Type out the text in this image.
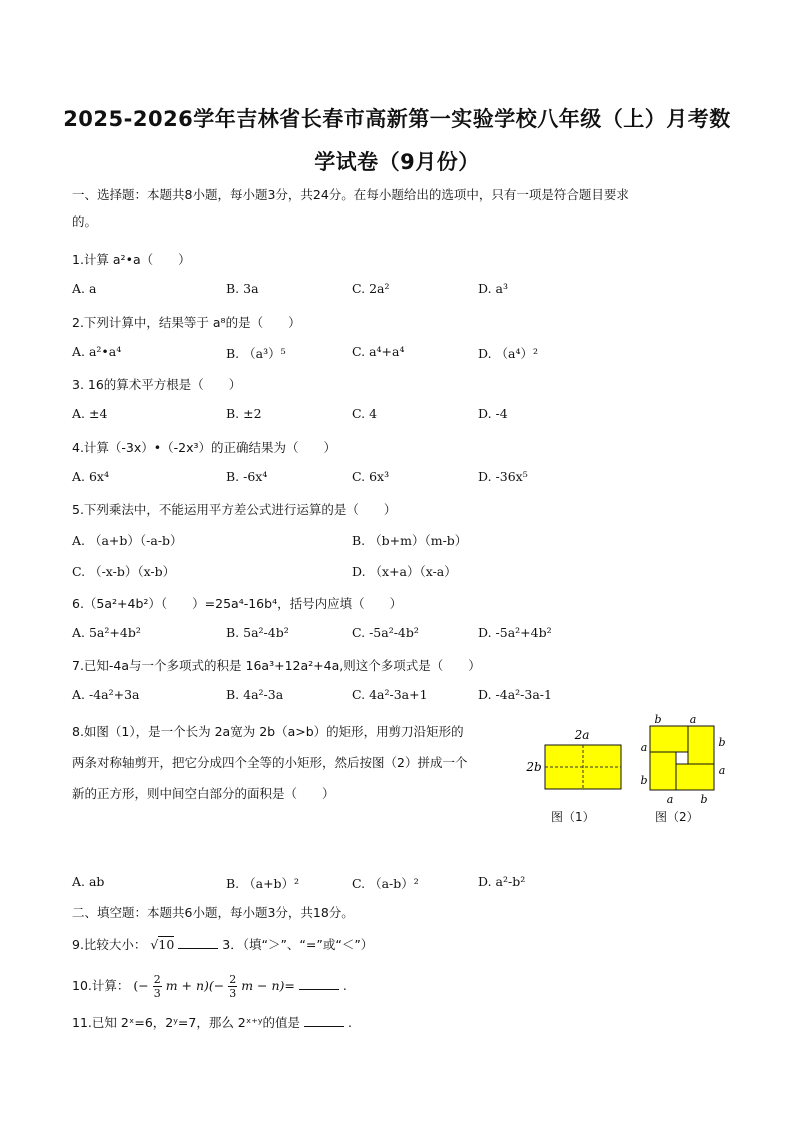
2025-2026学年吉林省长春市高新第一实验学校八年级（上）月考数
学试卷（9月份）
一、选择题：本题共8小题，每小题3分，共24分。在每小题给出的选项中，只有一项是符合题目要求
的。
1.计算 a²•a（　　）
A. a	B. 3a	C. 2a²	D. a³
2.下列计算中，结果等于 a⁸的是（　　）
A. a²•a⁴	B. （a³）⁵	C. a⁴+a⁴	D. （a⁴）²
3. 16的算术平方根是（　　）
A. ±4	B. ±2	C. 4	D. -4
4.计算（-3x）•（-2x³）的正确结果为（　　）
A. 6x⁴	B. -6x⁴	C. 6x³	D. -36x⁵
5.下列乘法中，不能运用平方差公式进行运算的是（　　）
A. （a+b）（-a-b）	B. （b+m）（m-b）
C. （-x-b）（x-b）	D. （x+a）（x-a）
6.（5a²+4b²）（　　）=25a⁴-16b⁴，括号内应填（　　）
A. 5a²+4b²	B. 5a²-4b²	C. -5a²-4b²	D. -5a²+4b²
7.已知-4a与一个多项式的积是 16a³+12a²+4a,则这个多项式是（　　）
A. -4a²+3a	B. 4a²-3a	C. 4a²-3a+1	D. -4a²-3a-1
8.如图（1），是一个长为 2a宽为 2b（a>b）的矩形，用剪刀沿矩形的
两条对称轴剪开，把它分成四个全等的小矩形，然后按图（2）拼成一个
新的正方形，则中间空白部分的面积是（　　）
2a
2b
图（1）
b	a
a
b
b
a
a b
图（2）
A. ab	B. （a+b）²	C. （a-b）²	D. a²-b²
二、填空题：本题共6小题，每小题3分，共18分。
9.比较大小： √10	3．（填“＞”、“=”或“＜”）
10.计算： (− $\frac{2}{3}$ $m + n)(- \frac{2}{3}$ m − n)=	.
11.已知 2ˣ=6，2ʸ=7，那么 2ˣ⁺ʸ的值是	.
